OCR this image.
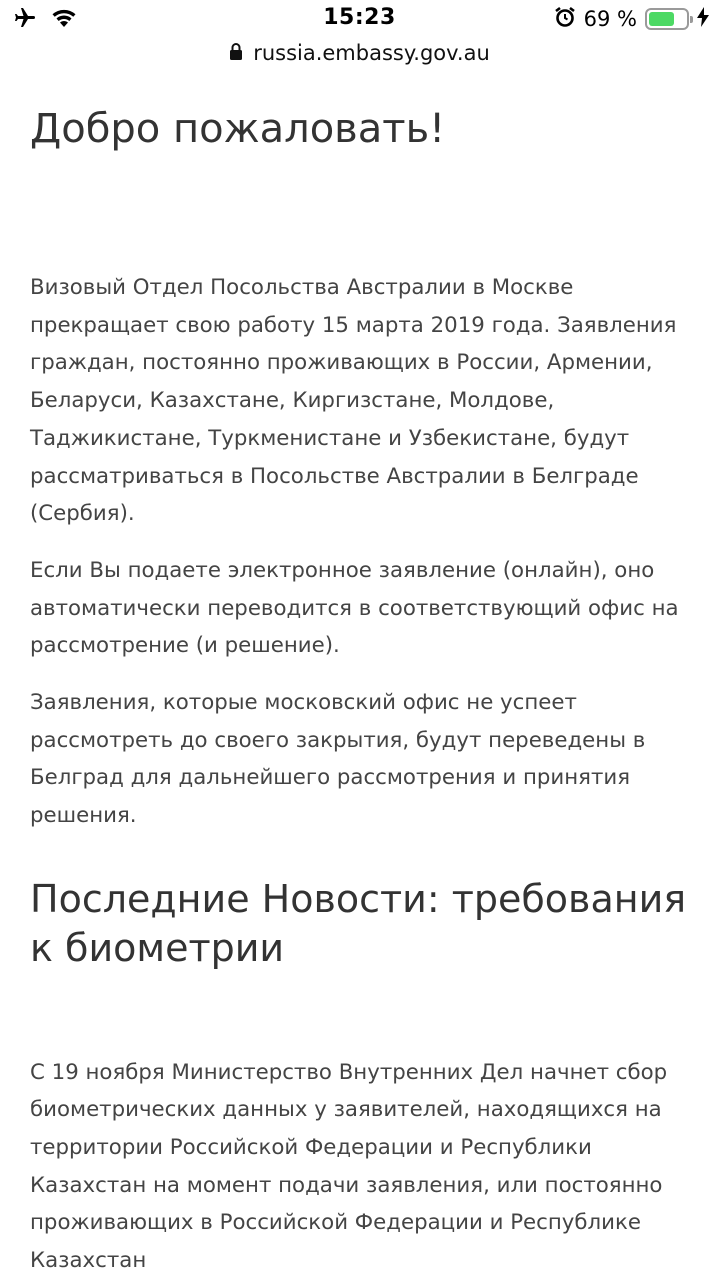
15:23	69 %
russia.embassy.gov.au
Добро пожаловать!

Визовый Отдел Посольства Австралии в Москве прекращает свою работу 15 марта 2019 года. Заявления граждан, постоянно проживающих в России, Армении, Беларуси, Казахстане, Киргизстане, Молдове, Таджикистане, Туркменистане и Узбекистане, будут рассматриваться в Посольстве Австралии в Белграде (Сербия).

Если Вы подаете электронное заявление (онлайн), оно автоматически переводится в соответствующий офис на рассмотрение (и решение).

Заявления, которые московский офис не успеет рассмотреть до своего закрытия, будут переведены в Белград для дальнейшего рассмотрения и принятия решения.

Последние Новости: требования к биометрии

С 19 ноября Министерство Внутренних Дел начнет сбор биометрических данных у заявителей, находящихся на территории Российской Федерации и Республики Казахстан на момент подачи заявления, или постоянно проживающих в Российской Федерации и Республике Казахстан
